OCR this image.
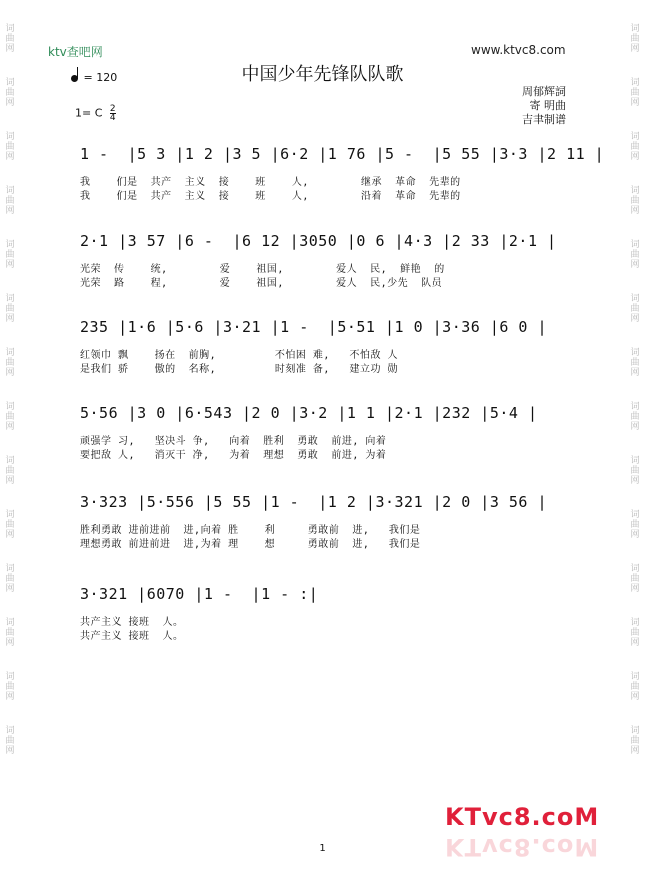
词
曲
网
词
曲
网
词
曲
网
词
曲
网
词
曲
网
词
曲
网
词
曲
网
词
曲
网
词
曲
网
词
曲
网
词
曲
网
词
曲
网
词
曲
网
词
曲
网
词
曲
网
词
曲
网
词
曲
网
词
曲
网
词
曲
网
词
曲
网
词
曲
网
词
曲
网
词
曲
网
词
曲
网
词
曲
网
词
曲
网
词
曲
网
词
曲
网
ktv查吧网	www.ktvc8.com
中国少年先锋队队歌
= 120
1= C $\frac{2}{4}$
周郁辉詞
寄 明曲
吉聿制谱
1 -  |5 3 |1 2 |3 5 |6·2 |1 76 |5 -  |5 55 |3·3 |2 11 |
我    们是  共产  主义  接    班    人,        继承  革命  先辈的
我    们是  共产  主义  接    班    人,        沿着  革命  先辈的
2·1 |3 57 |6 -  |6 12 |3050 |0 6 |4·3 |2 33 |2·1 |
光荣  传    统,        爱    祖国,        爱人  民,  鲜艳  的
光荣  路    程,        爱    祖国,        爱人  民,少先  队员
235 |1·6 |5·6 |3·21 |1 -  |5·51 |1 0 |3·36 |6 0 |
红领巾 飘    扬在  前胸,         不怕困 难,   不怕敌 人
是我们 骄    傲的  名称,         时刻准 备,   建立功 勋
5·56 |3 0 |6·543 |2 0 |3·2 |1 1 |2·1 |232 |5·4 |
顽强学 习,   坚决斗 争,   向着  胜利  勇敢  前进, 向着
要把敌 人,   消灭干 净,   为着  理想  勇敢  前进, 为着
3·323 |5·556 |5 55 |1 -  |1 2 |3·321 |2 0 |3 56 |
胜利勇敢 进前进前  进,向着 胜    利     勇敢前  进,   我们是
理想勇敢 前进前进  进,为着 理    想     勇敢前  进,   我们是
3·321 |6070 |1 -  |1 - :|
共产主义 接班  人。
共产主义 接班  人。
KTvc8.coM
KTvc8.coM
1
